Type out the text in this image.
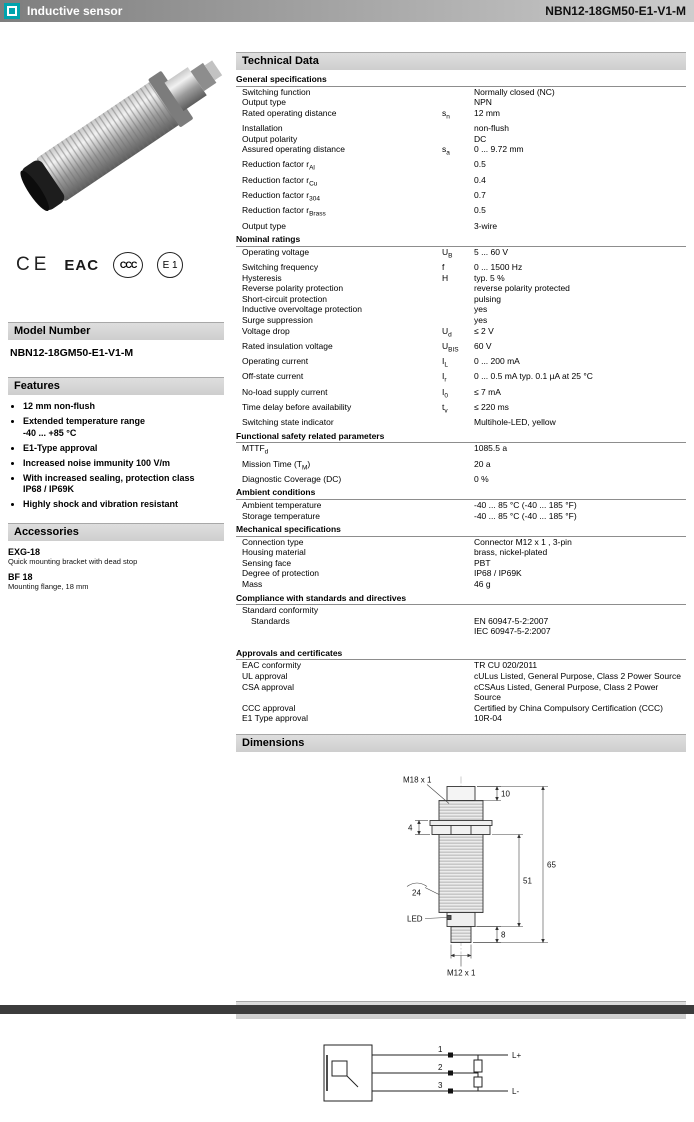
Inductive sensor	NBN12-18GM50-E1-V1-M
CE EAC	CCC	E 1
Model Number
NBN12-18GM50-E1-V1-M
Features
• 12 mm non-flush
• Extended temperature range
-40 ... +85 °C
• E1-Type approval
• Increased noise immunity 100 V/m
• With increased sealing, protection class
IP68 / IP69K
• Highly shock and vibration resistant
Accessories
EXG-18
Quick mounting bracket with dead stop
BF 18
Mounting flange, 18 mm
Technical Data
General specifications
Switching function	Normally closed (NC)
Output type	NPN
Rated operating distance	$s_n$	12 mm
Installation	non-flush
Output polarity	DC
Assured operating distance	$s_a$	0 ... 9.72 mm
Reduction factor $r_{Al}$	0.5
Reduction factor $r_{Cu}$	0.4
Reduction factor $r_{304}$	0.7
Reduction factor $r_{Brass}$	0.5
Output type	3-wire
Nominal ratings
Operating voltage	$U_B$	5 ... 60 V
Switching frequency	f	0 ... 1500 Hz
Hysteresis	H	typ. 5 %
Reverse polarity protection	reverse polarity protected
Short-circuit protection	pulsing
Inductive overvoltage protection	yes
Surge suppression	yes
Voltage drop	$U_d$	≤ 2 V
Rated insulation voltage	$U_{BIS}$	60 V
Operating current	$I_L$	0 ... 200 mA
Off-state current	$I_r$	0 ... 0.5 mA typ. 0.1 µA at 25 °C
No-load supply current	$I_0$	≤ 7 mA
Time delay before availability	$t_v$	≤ 220 ms
Switching state indicator	Multihole-LED, yellow
Functional safety related parameters
$MTTF_d$	1085.5 a
Mission Time $(T_M)$	20 a
Diagnostic Coverage (DC)	0 %
Ambient conditions
Ambient temperature	-40 ... 85 °C (-40 ... 185 °F)
Storage temperature	-40 ... 85 °C (-40 ... 185 °F)
Mechanical specifications
Connection type	Connector M12 x 1 , 3-pin
Housing material	brass, nickel-plated
Sensing face	PBT
Degree of protection	IP68 / IP69K
Mass	46 g
Compliance with standards and directives
Standard conformity
Standards	EN 60947-5-2:2007
IEC 60947-5-2:2007
Approvals and certificates
EAC conformity	TR CU 020/2011
UL approval	cULus Listed, General Purpose, Class 2 Power Source
CSA approval	cCSAus Listed, General Purpose, Class 2 Power Source
CCC approval	Certified by China Compulsory Certification (CCC)
E1 Type approval	10R-04
Dimensions
M18 x 1
10
4
51
65
24
LED
8
M12 x 1
1
2
3
L+
L-
